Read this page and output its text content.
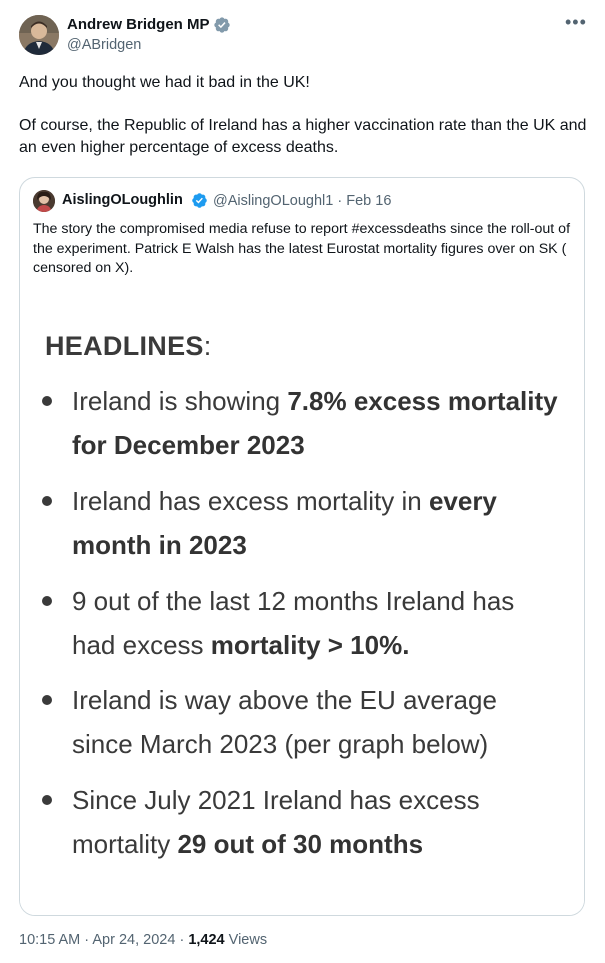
Andrew Bridgen MP
@ABridgen
•••

And you thought we had it bad in the UK!

Of course, the Republic of Ireland has a higher vaccination rate than the UK and an even higher percentage of excess deaths.

AislingOLoughlin @AislingOLoughl1 · Feb 16
The story the compromised media refuse to report #excessdeaths since the roll-out of the experiment. Patrick E Walsh has the latest Eurostat mortality figures over on SK ( censored on X).
HEADLINES:
Ireland is showing 7.8% excess mortality for December 2023
Ireland has excess mortality in every month in 2023
9 out of the last 12 months Ireland has had excess mortality > 10%.
Ireland is way above the EU average since March 2023 (per graph below)
Since July 2021 Ireland has excess mortality 29 out of 30 months
10:15 AM · Apr 24, 2024 · 1,424 Views
